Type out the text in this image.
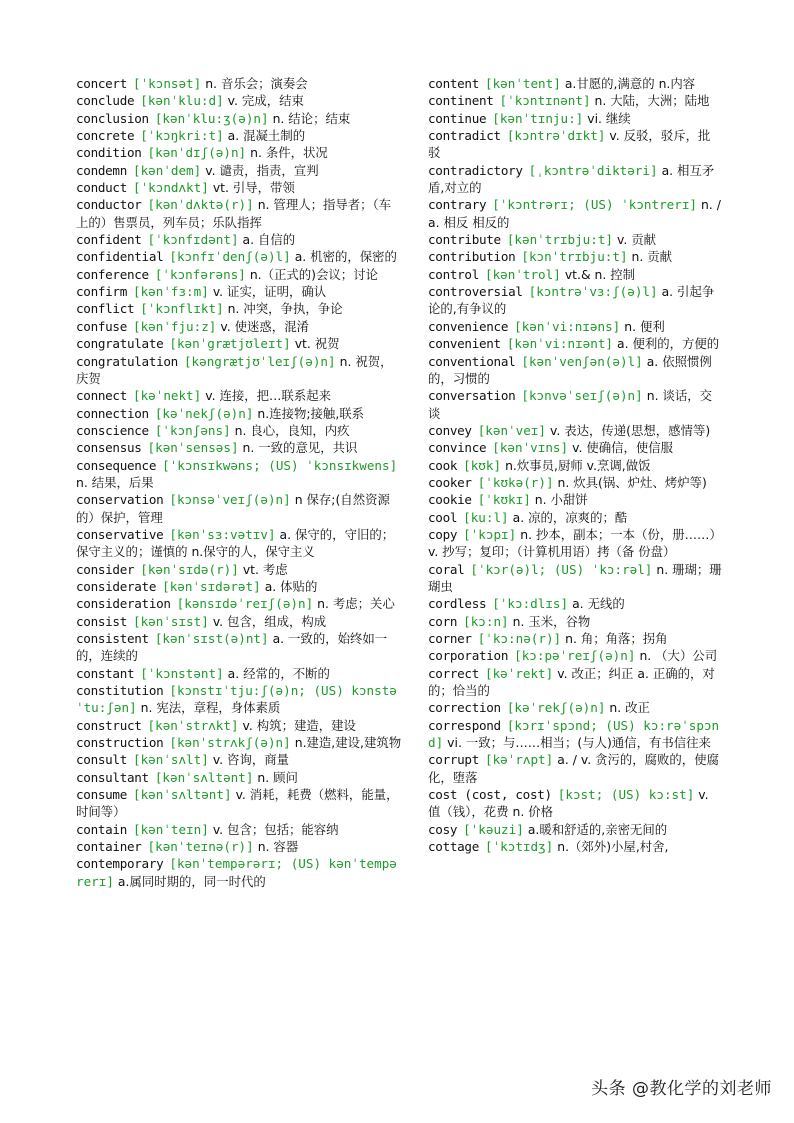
concert [ˈkɔnsət] n. 音乐会；演奏会

conclude [kənˈklu:d] v. 完成，结束

conclusion [kənˈklu:ʒ(ə)n] n. 结论；结束

concrete [ˈkɔŋkri:t] a. 混凝土制的

condition [kənˈdɪʃ(ə)n] n. 条件，状况

condemn [kənˈdem] v. 谴责，指责，宣判

conduct [ˈkɔndʌkt] vt. 引导，带领

conductor [kənˈdʌktə(r)] n. 管理人；指导者；（车上的）售票员，列车员；乐队指挥

confident [ˈkɔnfɪdənt] a. 自信的

confidential [kɔnfɪˈdenʃ(ə)l] a. 机密的，保密的

conference [ˈkɔnfərəns] n.（正式的)会议；讨论

confirm [kənˈfɜ:m] v. 证实，证明，确认

conflict [ˈkɔnflɪkt] n. 冲突，争执，争论

confuse [kənˈfju:z] v. 使迷惑，混淆

congratulate [kənˈgrætjʊleɪt] vt. 祝贺

congratulation [kəngrætjʊˈleɪʃ(ə)n] n. 祝贺，庆贺

connect [kəˈnekt] v. 连接，把…联系起来

connection [kəˈnekʃ(ə)n] n.连接物;接触,联系

conscience [ˈkɔnʃəns] n. 良心，良知，内疚

consensus [kənˈsensəs] n. 一致的意见，共识

consequence [ˈkɔnsɪkwəns; (US) ˈkɔnsɪkwens]n. 结果，后果

conservation [kɔnsəˈveɪʃ(ə)n] n 保存;(自然资源的）保护，管理

conservative [kənˈsɜ:vətɪv] a. 保守的，守旧的；保守主义的；谨慎的 n.保守的人，保守主义

consider [kənˈsɪdə(r)] vt. 考虑

considerate [kənˈsɪdərət] a. 体贴的

consideration [kənsɪdəˈreɪʃ(ə)n] n. 考虑；关心

consist [kənˈsɪst] v. 包含，组成，构成

consistent [kənˈsɪst(ə)nt] a. 一致的，始终如一的，连续的

constant [ˈkɔnstənt] a. 经常的，不断的

constitution [kɔnstɪˈtju:ʃ(ə)n; (US) kɔnstəˈtu:ʃən] n. 宪法，章程，身体素质

construct [kənˈstrʌkt] v. 构筑；建造，建设

construction [kənˈstrʌkʃ(ə)n] n.建造,建设,建筑物

consult [kənˈsʌlt] v. 咨询，商量

consultant [kənˈsʌltənt] n. 顾问

consume [kənˈsʌltənt] v. 消耗，耗费（燃料，能量，时间等）

contain [kənˈteɪn] v. 包含；包括；能容纳

container [kənˈteɪnə(r)] n. 容器

contemporary [kənˈtempərərɪ; (US) kənˈtempərerɪ] a.属同时期的，同一时代的

content [kənˈtent] a.甘愿的,满意的 n.内容

continent [ˈkɔntɪnənt] n. 大陆，大洲；陆地

continue [kənˈtɪnju:] vi. 继续

contradict [kɔntrəˈdɪkt] v. 反驳，驳斥，批驳

contradictory [ˌkɔntrəˈdiktəri] a. 相互矛盾,对立的

contrary [ˈkɔntrərɪ; (US) ˈkɔntrerɪ] n. / a. 相反 相反的

contribute [kənˈtrɪbju:t] v. 贡献

contribution [kɔnˈtrɪbju:t] n. 贡献

control [kənˈtrol] vt.& n. 控制

controversial [kɔntrəˈvɜ:ʃ(ə)l] a. 引起争论的,有争议的

convenience [kənˈvi:nɪəns] n. 便利

convenient [kənˈvi:nɪənt] a. 便利的，方便的

conventional [kənˈvenʃən(ə)l] a. 依照惯例的，习惯的

conversation [kɔnvəˈseɪʃ(ə)n] n. 谈话，交谈

convey [kənˈveɪ] v. 表达，传递(思想，感情等)

convince [kənˈvɪns] v. 使确信，使信服

cook [kʊk] n.炊事员,厨师 v.烹调,做饭

cooker [ˈkʊkə(r)] n. 炊具(锅、炉灶、烤炉等)

cookie [ˈkʊkɪ] n. 小甜饼

cool [ku:l] a. 凉的，凉爽的；酷

copy [ˈkɔpɪ] n. 抄本，副本；一本（份，册……） v. 抄写；复印；（计算机用语）拷（备 份盘）

coral [ˈkɔr(ə)l; (US) ˈkɔ:rəl] n. 珊瑚；珊瑚虫

cordless [ˈkɔ:dlɪs] a. 无线的

corn [kɔ:n] n. 玉米，谷物

corner [ˈkɔ:nə(r)] n. 角；角落；拐角

corporation [kɔ:pəˈreɪʃ(ə)n] n. （大）公司

correct [kəˈrekt] v. 改正；纠正 a. 正确的，对的；恰当的

correction [kəˈrekʃ(ə)n] n. 改正

correspond [kɔrɪˈspɔnd; (US) kɔ:rəˈspɔnd] vi. 一致；与……相当；(与人)通信，有书信往来

corrupt [kəˈrʌpt] a. / v. 贪污的，腐败的，使腐化，堕落

cost (cost, cost) [kɔst; (US) kɔ:st] v. 值（钱），花费 n. 价格

cosy [ˈkəuzi] a.暖和舒适的,亲密无间的

cottage [ˈkɔtɪdʒ] n.（郊外)小屋,村舍,

头条 @教化学的刘老师
